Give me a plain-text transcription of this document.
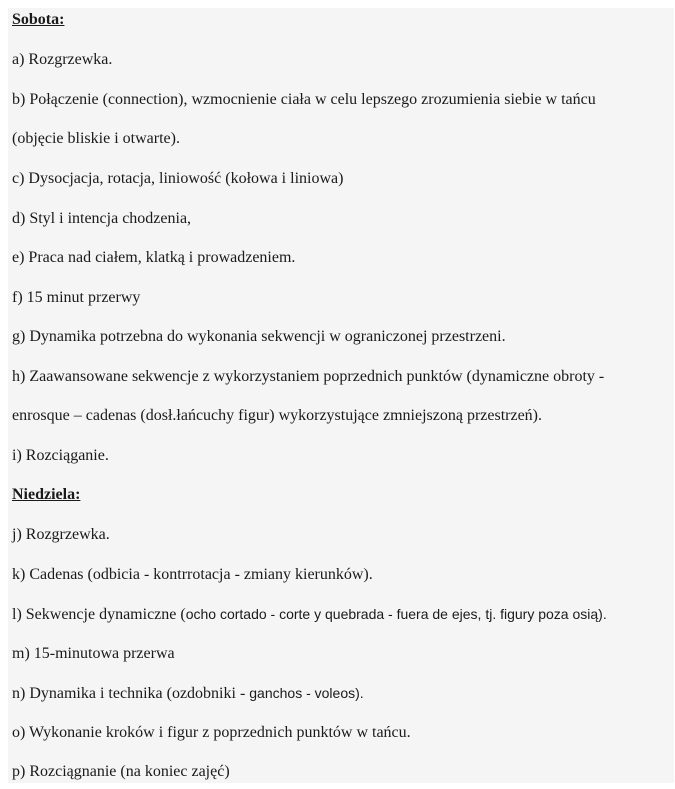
Sobota:
a) Rozgrzewka.
b) Połączenie (connection), wzmocnienie ciała w celu lepszego zrozumienia siebie w tańcu
(objęcie bliskie i otwarte).
c) Dysocjacja, rotacja, liniowość (kołowa i liniowa)
d) Styl i intencja chodzenia,
e) Praca nad ciałem, klatką i prowadzeniem.
f) 15 minut przerwy
g) Dynamika potrzebna do wykonania sekwencji w ograniczonej przestrzeni.
h) Zaawansowane sekwencje z wykorzystaniem poprzednich punktów (dynamiczne obroty -
enrosque – cadenas (dosł.łańcuchy figur) wykorzystujące zmniejszoną przestrzeń).
i) Rozciąganie.
Niedziela:
j) Rozgrzewka.
k) Cadenas (odbicia - kontrrotacja - zmiany kierunków).
l) Sekwencje dynamiczne (ocho cortado - corte y quebrada - fuera de ejes, tj. figury poza osią).
m) 15-minutowa przerwa
n) Dynamika i technika (ozdobniki - ganchos - voleos).
o) Wykonanie kroków i figur z poprzednich punktów w tańcu.
p) Rozciągnanie (na koniec zajęć)
